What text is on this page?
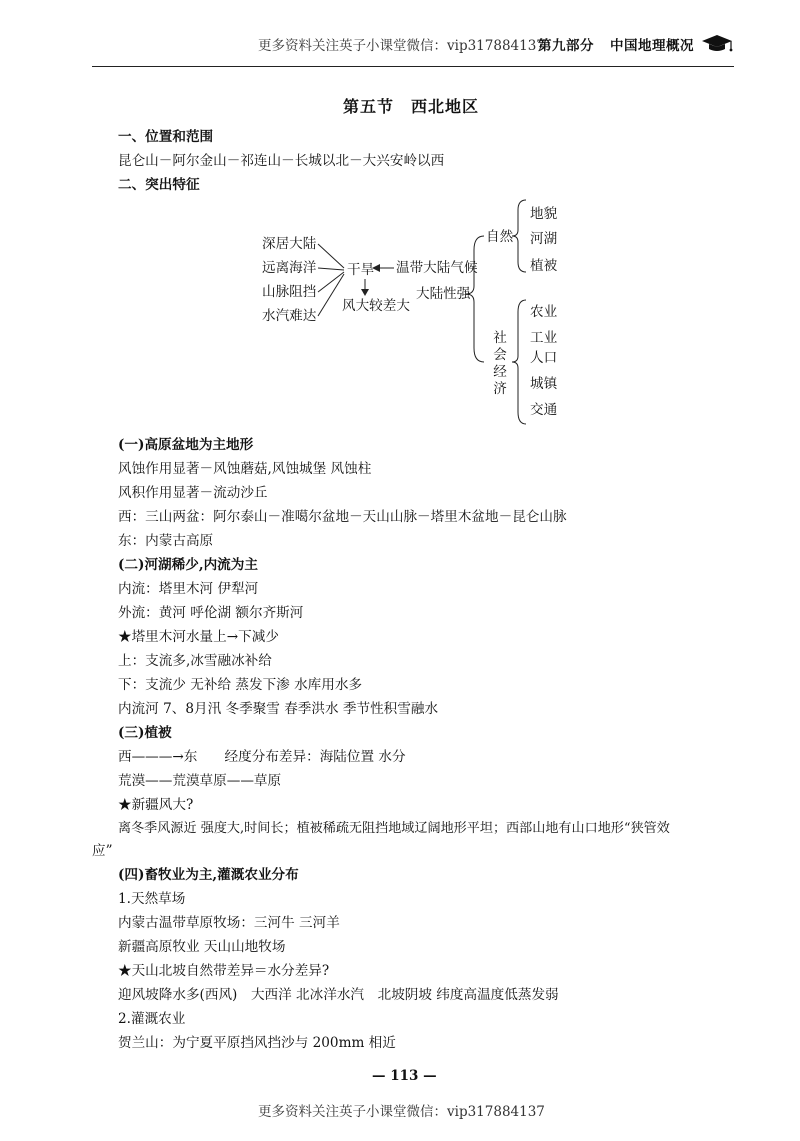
更多资料关注英子小课堂微信：vip317884137
第九部分 中国地理概况
第五节　西北地区
一、位置和范围
昆仑山－阿尔金山－祁连山－长城以北－大兴安岭以西
二、突出特征
深居大陆
远离海洋
山脉阻挡
水汽难达
干旱
风大较差大
温带大陆气候
大陆性强
自然
地貌
河湖
植被
社会经济
农业
工业
人口
城镇
交通
(一)高原盆地为主地形
风蚀作用显著－风蚀蘑菇,风蚀城堡 风蚀柱
风积作用显著－流动沙丘
西：三山两盆：阿尔泰山－准噶尔盆地－天山山脉－塔里木盆地－昆仑山脉
东：内蒙古高原
(二)河湖稀少,内流为主
内流：塔里木河 伊犁河
外流：黄河 呼伦湖 额尔齐斯河
★塔里木河水量上→下减少
上：支流多,冰雪融冰补给
下：支流少 无补给 蒸发下渗 水库用水多
内流河 7、8月汛 冬季聚雪 春季洪水 季节性积雪融水
(三)植被
西———→东　　经度分布差异：海陆位置 水分
荒漠——荒漠草原——草原
★新疆风大?
离冬季风源近 强度大,时间长；植被稀疏无阻挡地域辽阔地形平坦；西部山地有山口地形“狭管效
应”
(四)畜牧业为主,灌溉农业分布
1.天然草场
内蒙古温带草原牧场：三河牛 三河羊
新疆高原牧业 天山山地牧场
★天山北坡自然带差异＝水分差异?
迎风坡降水多(西风)　大西洋 北冰洋水汽　北坡阴坡 纬度高温度低蒸发弱
2.灌溉农业
贺兰山：为宁夏平原挡风挡沙与 200mm 相近
— 113 —
更多资料关注英子小课堂微信：vip317884137
